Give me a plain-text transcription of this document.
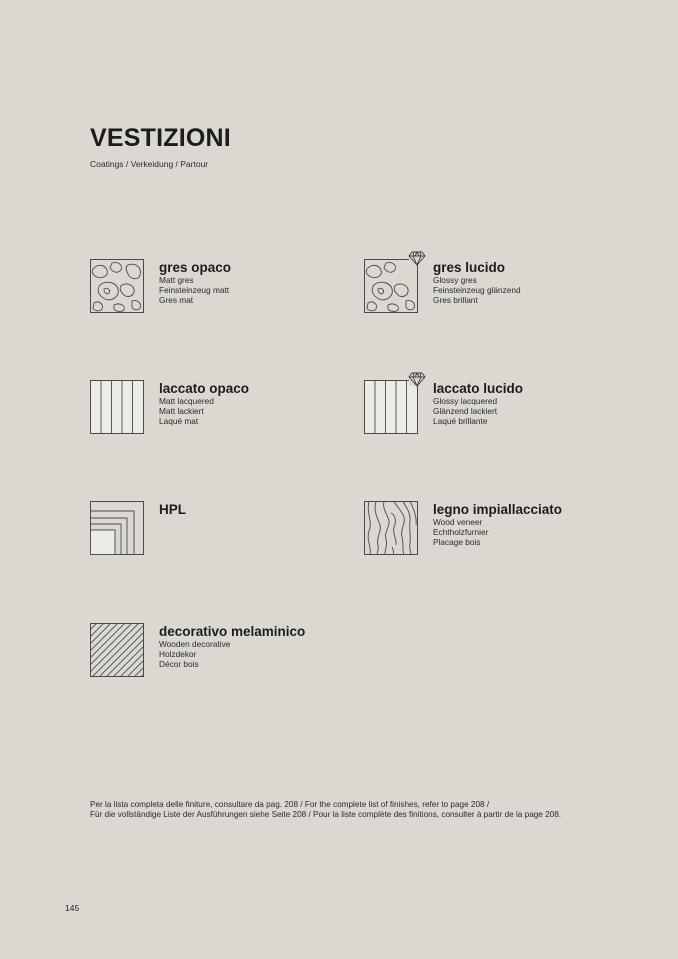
VESTIZIONI
Coatings / Verkeidung / Partour
gres opaco
Matt gres
Feinsteinzeug matt
Gres mat
gres lucido
Glossy gres
Feinsteinzeug glänzend
Gres brillant
laccato opaco
Matt lacquered
Matt lackiert
Laqué mat
laccato lucido
Glossy lacquered
Glänzend lackiert
Laqué brillante
HPL	legno impiallacciato
Wood veneer
Echtholzfurnier
Placage bois
decorativo melaminico
Wooden decorative
Holzdekor
Décor bois
Per la lista completa delle finiture, consultare da pag. 208 / For the complete list of finishes, refer to page 208 /
Für die vollständige Liste der Ausführungen siehe Seite 208 / Pour la liste complète des finitions, consulter à partir de la page 208.
145
